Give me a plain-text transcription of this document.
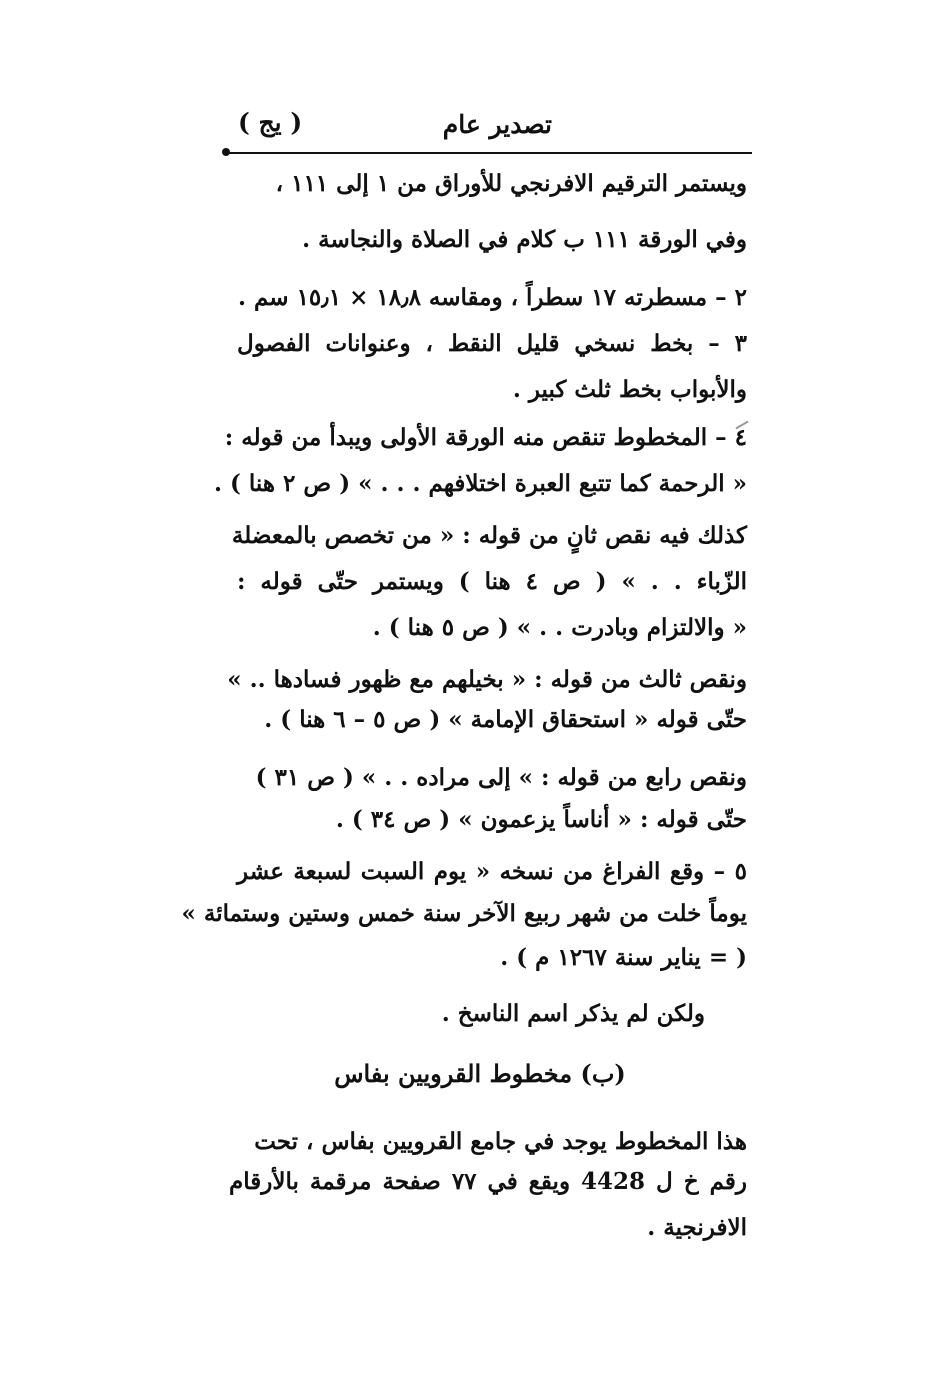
تصدير عام
( يج )
ويستمر الترقيم الافرنجي للأوراق من ١ إلى ١١١ ،
وفي الورقة ١١١ ب كلام في الصلاة والنجاسة .
٢ – مسطرته ١٧ سطراً ، ومقاسه ١٨٫٨ × ١٥٫١ سم .
٣ – بخط نسخي قليل النقط ، وعنوانات الفصول
والأبواب بخط ثلث كبير .
٤ – المخطوط تنقص منه الورقة الأولى ويبدأ من قوله :
« الرحمة كما تتبع العبرة اختلافهم . . . » ( ص ٢ هنا ) .
كذلك فيه نقص ثانٍ من قوله : « من تخصص بالمعضلة
الزّباء . . » ( ص ٤ هنا ) ويستمر حتّى قوله :
« والالتزام وبادرت . . » ( ص ٥ هنا ) .
ونقص ثالث من قوله : « بخيلهم مع ظهور فسادها .. »
حتّى قوله « استحقاق الإمامة » ( ص ٥ – ٦ هنا ) .
ونقص رابع من قوله : » إلى مراده . . » ( ص ٣١ )
حتّى قوله : « أناساً يزعمون » ( ص ٣٤ ) .
٥ – وقع الفراغ من نسخه « يوم السبت لسبعة عشر
يوماً خلت من شهر ربيع الآخر سنة خمس وستين وستمائة »
( = يناير سنة ١٢٦٧ م ) .
ولكن لم يذكر اسم الناسخ .
(ب) مخطوط القرويين بفاس
هذا المخطوط يوجد في جامع القرويين بفاس ، تحت
رقم خ ل 4428 ويقع في ٧٧ صفحة مرقمة بالأرقام
الافرنجية .
